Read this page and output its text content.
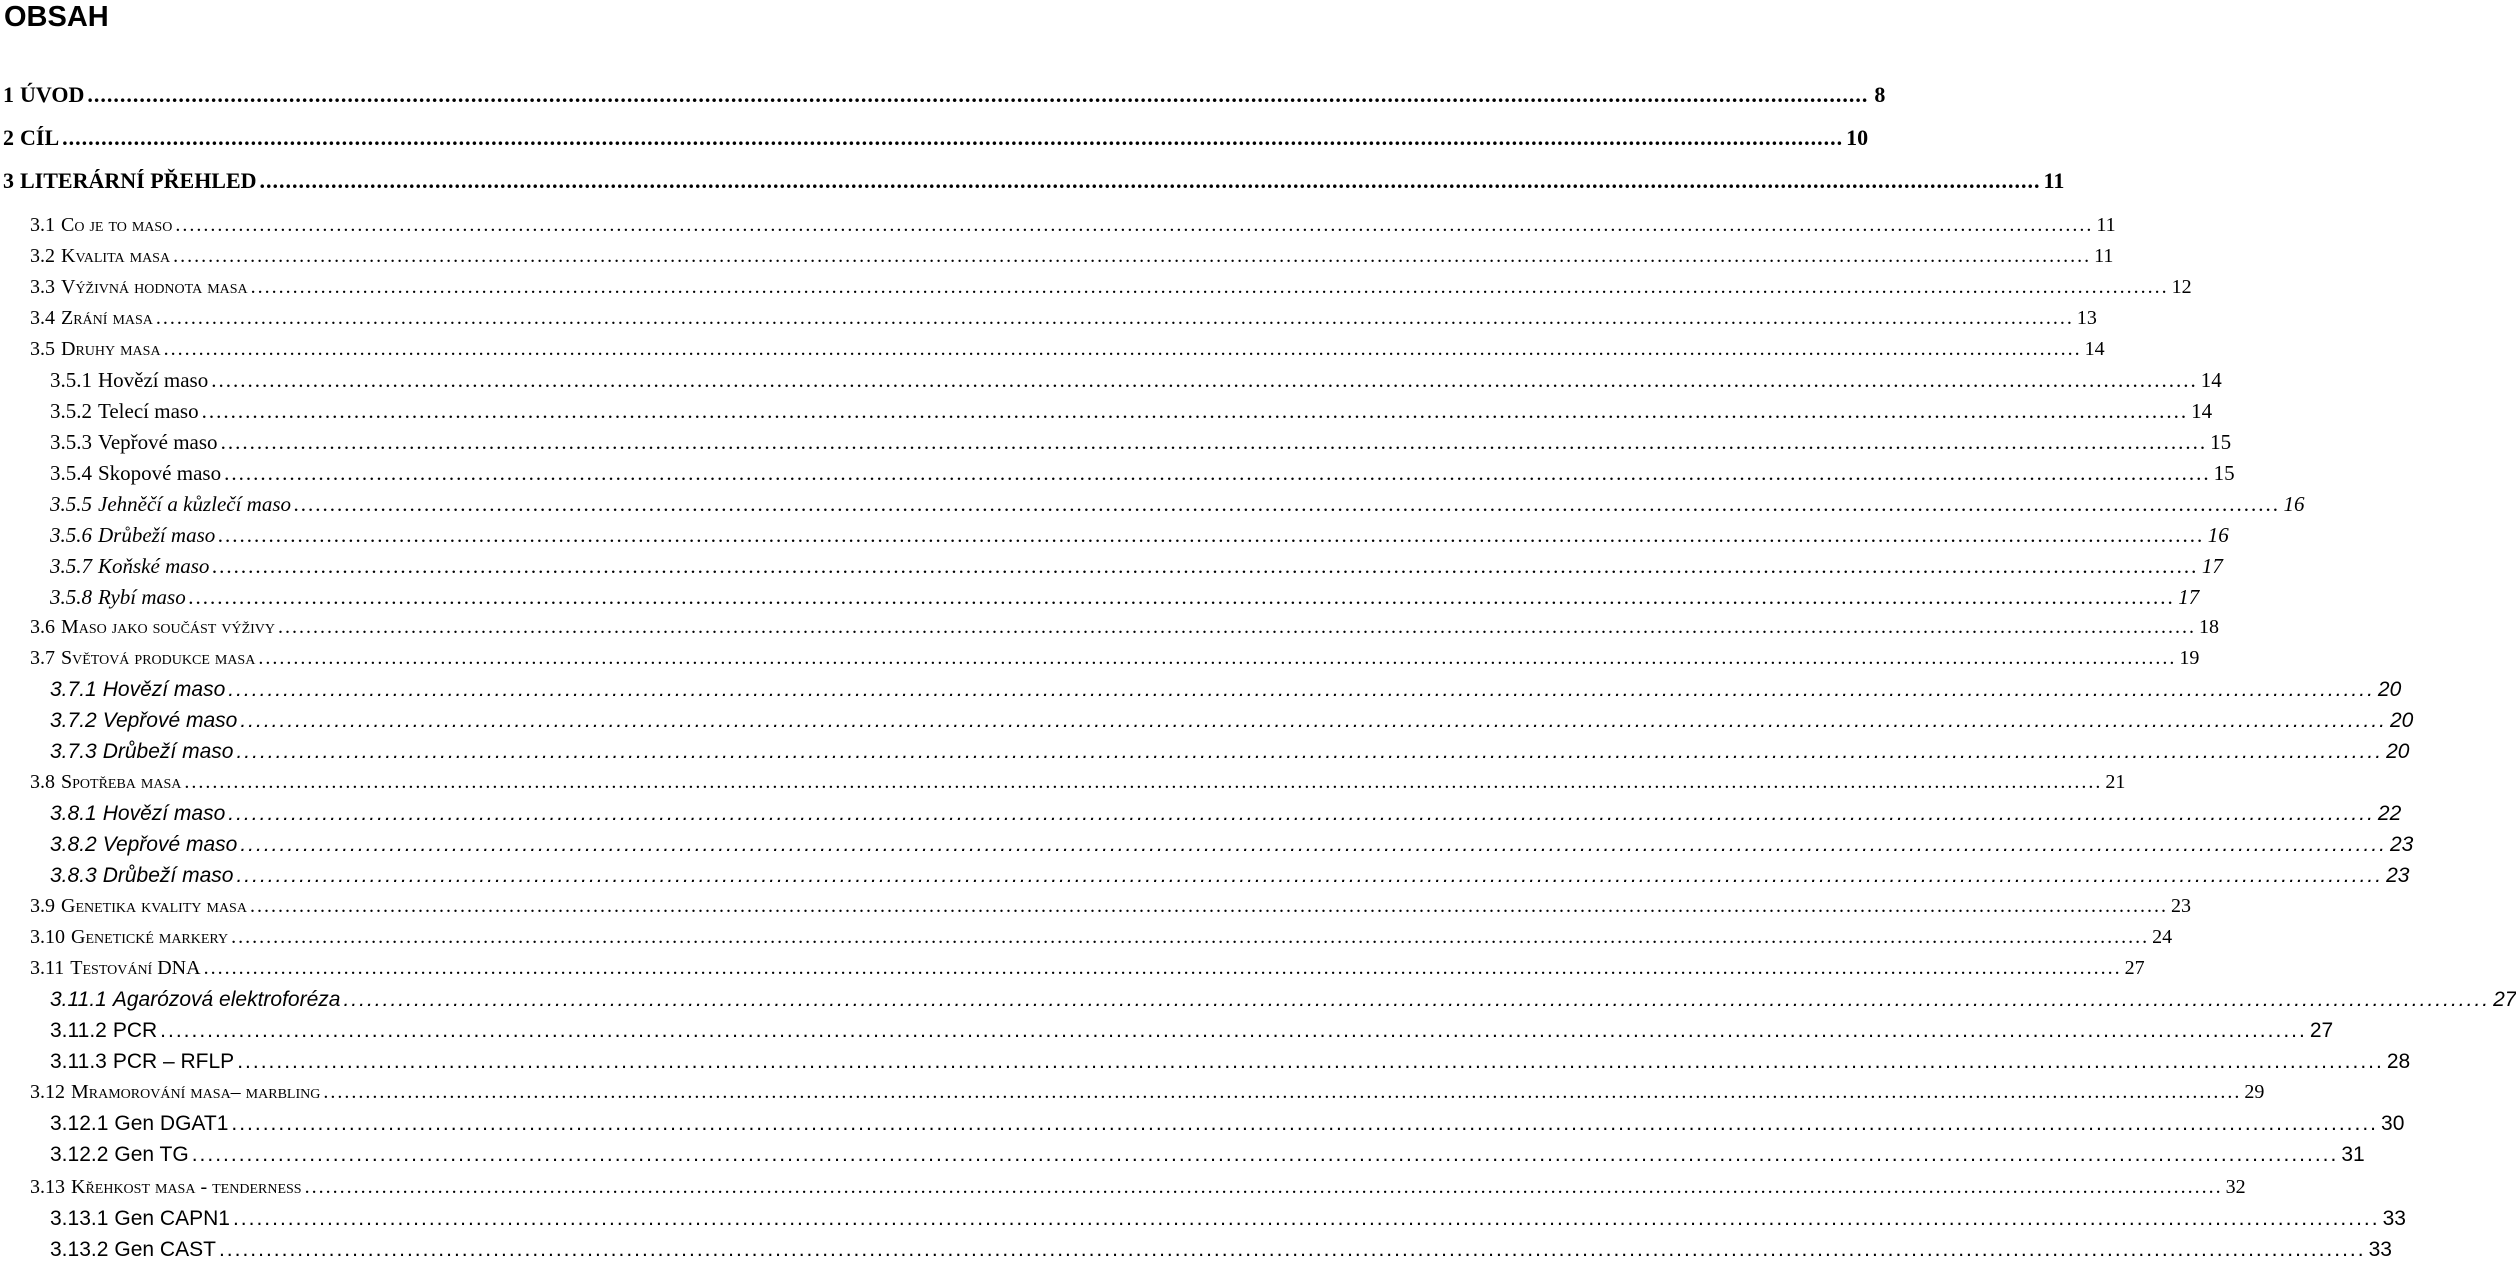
OBSAH
1 ÚVOD .....	8
2 CÍL .....	10
3 LITERÁRNÍ PŘEHLED .....	11
3.1 Co je to maso .....	11
3.2 Kvalita masa .....	11
3.3 Výživná hodnota masa .....	12
3.4 Zrání masa .....	13
3.5 Druhy masa .....	14
3.5.1 Hovězí maso .....	14
3.5.2 Telecí maso .....	14
3.5.3 Vepřové maso .....	15
3.5.4 Skopové maso .....	15
3.5.5 Jehněčí a kůzlečí maso .....	16
3.5.6 Drůbeží maso .....	16
3.5.7 Koňské maso .....	17
3.5.8 Rybí maso .....	17
3.6 Maso jako součást výživy .....	18
3.7 Světová produkce masa .....	19
3.7.1 Hovězí maso .....	20
3.7.2 Vepřové maso .....	20
3.7.3 Drůbeží maso .....	20
3.8 Spotřeba masa .....	21
3.8.1 Hovězí maso .....	22
3.8.2 Vepřové maso .....	23
3.8.3 Drůbeží maso .....	23
3.9 Genetika kvality masa .....	23
3.10 Genetické markery .....	24
3.11 Testování DNA .....	27
3.11.1 Agarózová elektroforéza .....	27
3.11.2 PCR .....	27
3.11.3 PCR – RFLP .....	28
3.12 Mramorování masa– marbling .....	29
3.12.1 Gen DGAT1 .....	30
3.12.2 Gen TG .....	31
3.13 Křehkost masa - tenderness .....	32
3.13.1 Gen CAPN1 .....	33
3.13.2 Gen CAST .....	33
